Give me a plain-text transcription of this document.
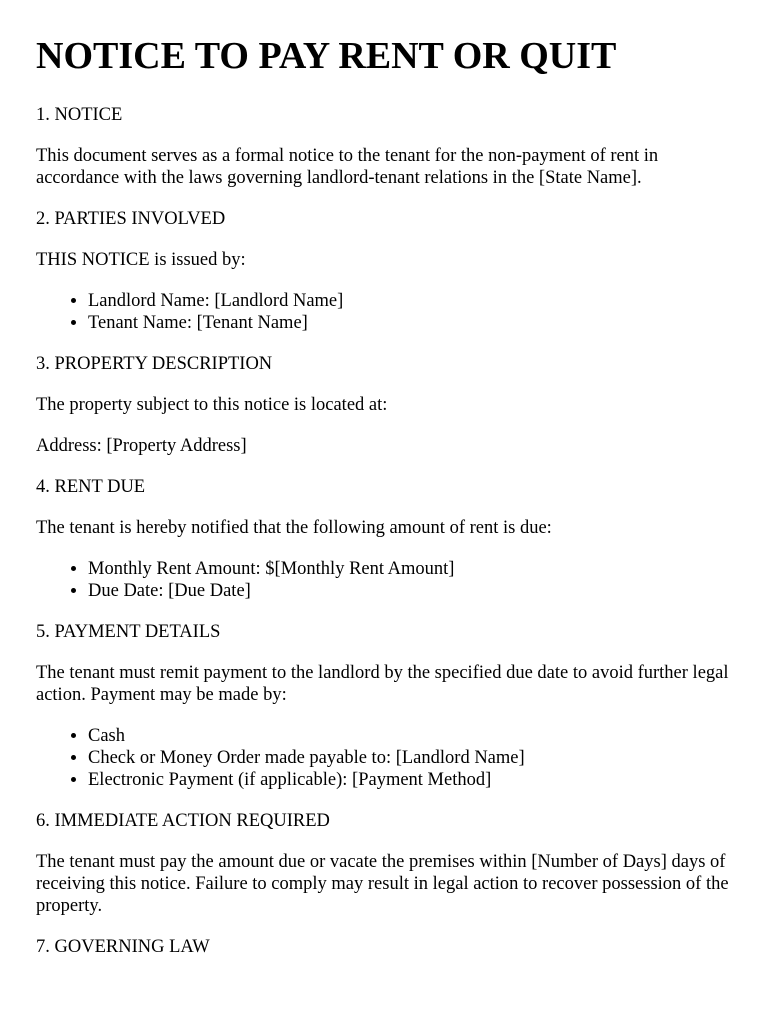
NOTICE TO PAY RENT OR QUIT
1. NOTICE

This document serves as a formal notice to the tenant for the non-payment of rent in accordance with the laws governing landlord-tenant relations in the [State Name].

2. PARTIES INVOLVED

THIS NOTICE is issued by:

• Landlord Name: [Landlord Name]
• Tenant Name: [Tenant Name]
3. PROPERTY DESCRIPTION

The property subject to this notice is located at:

Address: [Property Address]

4. RENT DUE

The tenant is hereby notified that the following amount of rent is due:

• Monthly Rent Amount: $[Monthly Rent Amount]
• Due Date: [Due Date]
5. PAYMENT DETAILS

The tenant must remit payment to the landlord by the specified due date to avoid further legal action. Payment may be made by:

• Cash
• Check or Money Order made payable to: [Landlord Name]
• Electronic Payment (if applicable): [Payment Method]
6. IMMEDIATE ACTION REQUIRED

The tenant must pay the amount due or vacate the premises within [Number of Days] days of receiving this notice. Failure to comply may result in legal action to recover possession of the property.

7. GOVERNING LAW
